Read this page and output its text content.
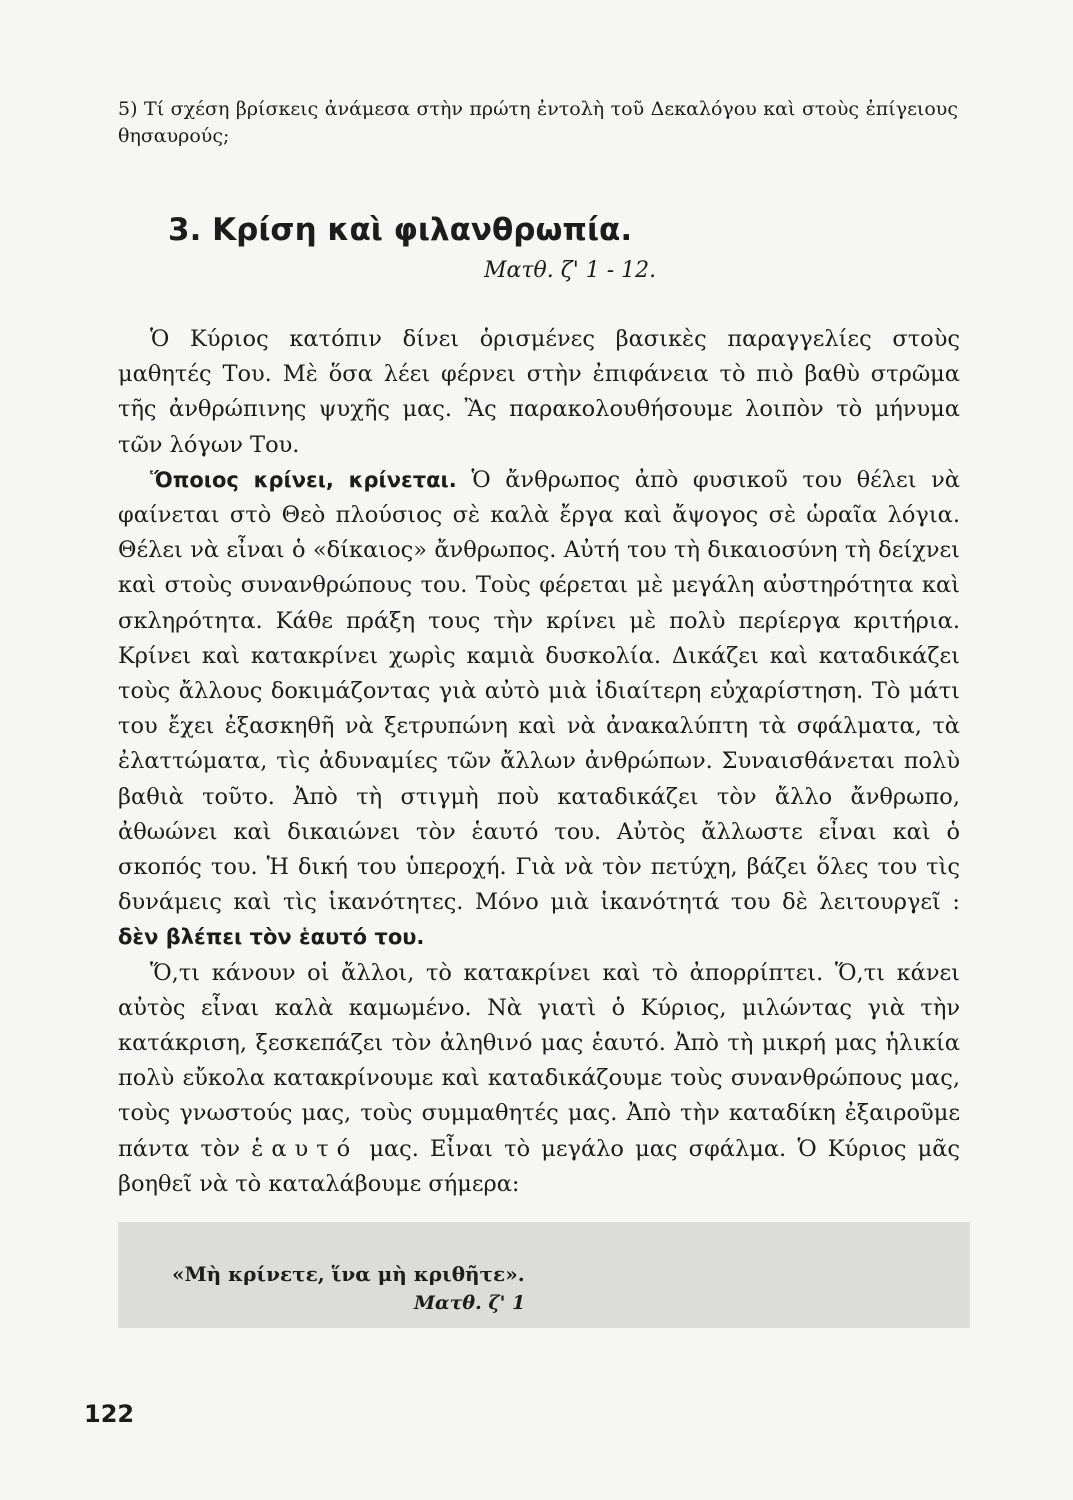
5) Τί σχέση βρίσκεις ἀνάμεσα στὴν πρώτη ἐντολὴ τοῦ Δεκαλόγου καὶ στοὺς ἐπίγειους θησαυρούς;
3. Κρίση καὶ φιλανθρωπία.
Ματθ. ζ' 1 - 12.

Ὁ Κύριος κατόπιν δίνει ὁρισμένες βασικὲς παραγγελίες στοὺς μαθητές Του. Μὲ ὅσα λέει φέρνει στὴν ἐπιφάνεια τὸ πιὸ βαθὺ στρῶμα τῆς ἀνθρώπινης ψυχῆς μας. Ἂς παρακολουθήσουμε λοιπὸν τὸ μήνυμα τῶν λόγων Του.

Ὅποιος κρίνει, κρίνεται. Ὁ ἄνθρωπος ἀπὸ φυσικοῦ του θέλει νὰ φαίνεται στὸ Θεὸ πλούσιος σὲ καλὰ ἔργα καὶ ἄψογος σὲ ὡραῖα λόγια. Θέλει νὰ εἶναι ὁ «δίκαιος» ἄνθρωπος. Αὐτή του τὴ δικαιοσύνη τὴ δείχνει καὶ στοὺς συνανθρώπους του. Τοὺς φέρεται μὲ μεγάλη αὐστηρότητα καὶ σκληρότητα. Κάθε πράξη τους τὴν κρίνει μὲ πολὺ περίεργα κριτήρια. Κρίνει καὶ κατακρίνει χωρὶς καμιὰ δυσκολία. Δικάζει καὶ καταδικάζει τοὺς ἄλλους δοκιμάζοντας γιὰ αὐτὸ μιὰ ἰδιαίτερη εὐχαρίστηση. Τὸ μάτι του ἔχει ἐξασκηθῆ νὰ ξετρυπώνη καὶ νὰ ἀνακαλύπτη τὰ σφάλματα, τὰ ἐλαττώματα, τὶς ἀδυναμίες τῶν ἄλλων ἀνθρώπων. Συναισθάνεται πολὺ βαθιὰ τοῦτο. Ἀπὸ τὴ στιγμὴ ποὺ καταδικάζει τὸν ἄλλο ἄνθρωπο, ἀθωώνει καὶ δικαιώνει τὸν ἑαυτό του. Αὐτὸς ἄλλωστε εἶναι καὶ ὁ σκοπός του. Ἡ δική του ὑπεροχή. Γιὰ νὰ τὸν πετύχη, βάζει ὅλες του τὶς δυνάμεις καὶ τὶς ἱκανότητες. Μόνο μιὰ ἱκανότητά του δὲ λειτουργεῖ : δὲν βλέπει τὸν ἑαυτό του.

Ὅ,τι κάνουν οἱ ἄλλοι, τὸ κατακρίνει καὶ τὸ ἀπορρίπτει. Ὅ,τι κάνει αὐτὸς εἶναι καλὰ καμωμένο. Νὰ γιατὶ ὁ Κύριος, μιλώντας γιὰ τὴν κατάκριση, ξεσκεπάζει τὸν ἀληθινό μας ἑαυτό. Ἀπὸ τὴ μικρή μας ἡλικία πολὺ εὔκολα κατακρίνουμε καὶ καταδικάζουμε τοὺς συνανθρώπους μας, τοὺς γνωστούς μας, τοὺς συμμαθητές μας. Ἀπὸ τὴν καταδίκη ἐξαιροῦμε πάντα τὸν ἑαυτό μας. Εἶναι τὸ μεγάλο μας σφάλμα. Ὁ Κύριος μᾶς βοηθεῖ νὰ τὸ καταλάβουμε σήμερα:

«Μὴ κρίνετε, ἵνα μὴ κριθῆτε».
Ματθ. ζ' 1
122
